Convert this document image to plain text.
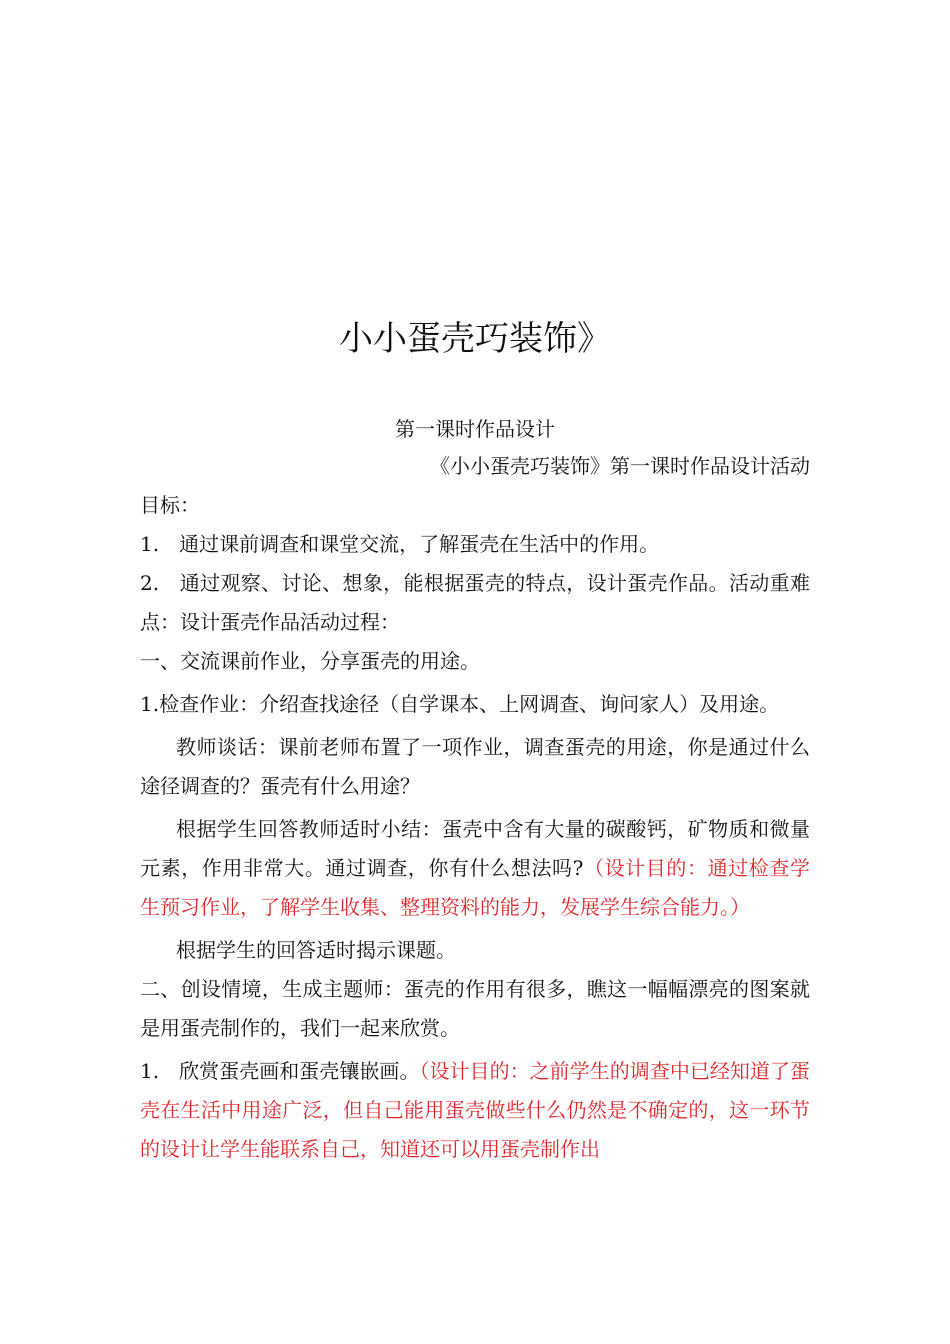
小小蛋壳巧装饰》
第一课时作品设计

《小小蛋壳巧装饰》第一课时作品设计活动

目标：

1.　通过课前调查和课堂交流，了解蛋壳在生活中的作用。

2.　通过观察、讨论、想象，能根据蛋壳的特点，设计蛋壳作品。活动重难点：设计蛋壳作品活动过程：

一、交流课前作业，分享蛋壳的用途。

1.检查作业：介绍查找途径（自学课本、上网调查、询问家人）及用途。

教师谈话：课前老师布置了一项作业，调查蛋壳的用途，你是通过什么途径调查的？蛋壳有什么用途？

根据学生回答教师适时小结：蛋壳中含有大量的碳酸钙，矿物质和微量元素，作用非常大。通过调查，你有什么想法吗?（设计目的：通过检查学生预习作业，了解学生收集、整理资料的能力，发展学生综合能力。）

根据学生的回答适时揭示课题。

二、创设情境，生成主题师：蛋壳的作用有很多，瞧这一幅幅漂亮的图案就是用蛋壳制作的，我们一起来欣赏。

1.　欣赏蛋壳画和蛋壳镶嵌画。（设计目的：之前学生的调查中已经知道了蛋壳在生活中用途广泛，但自己能用蛋壳做些什么仍然是不确定的，这一环节的设计让学生能联系自己，知道还可以用蛋壳制作出
